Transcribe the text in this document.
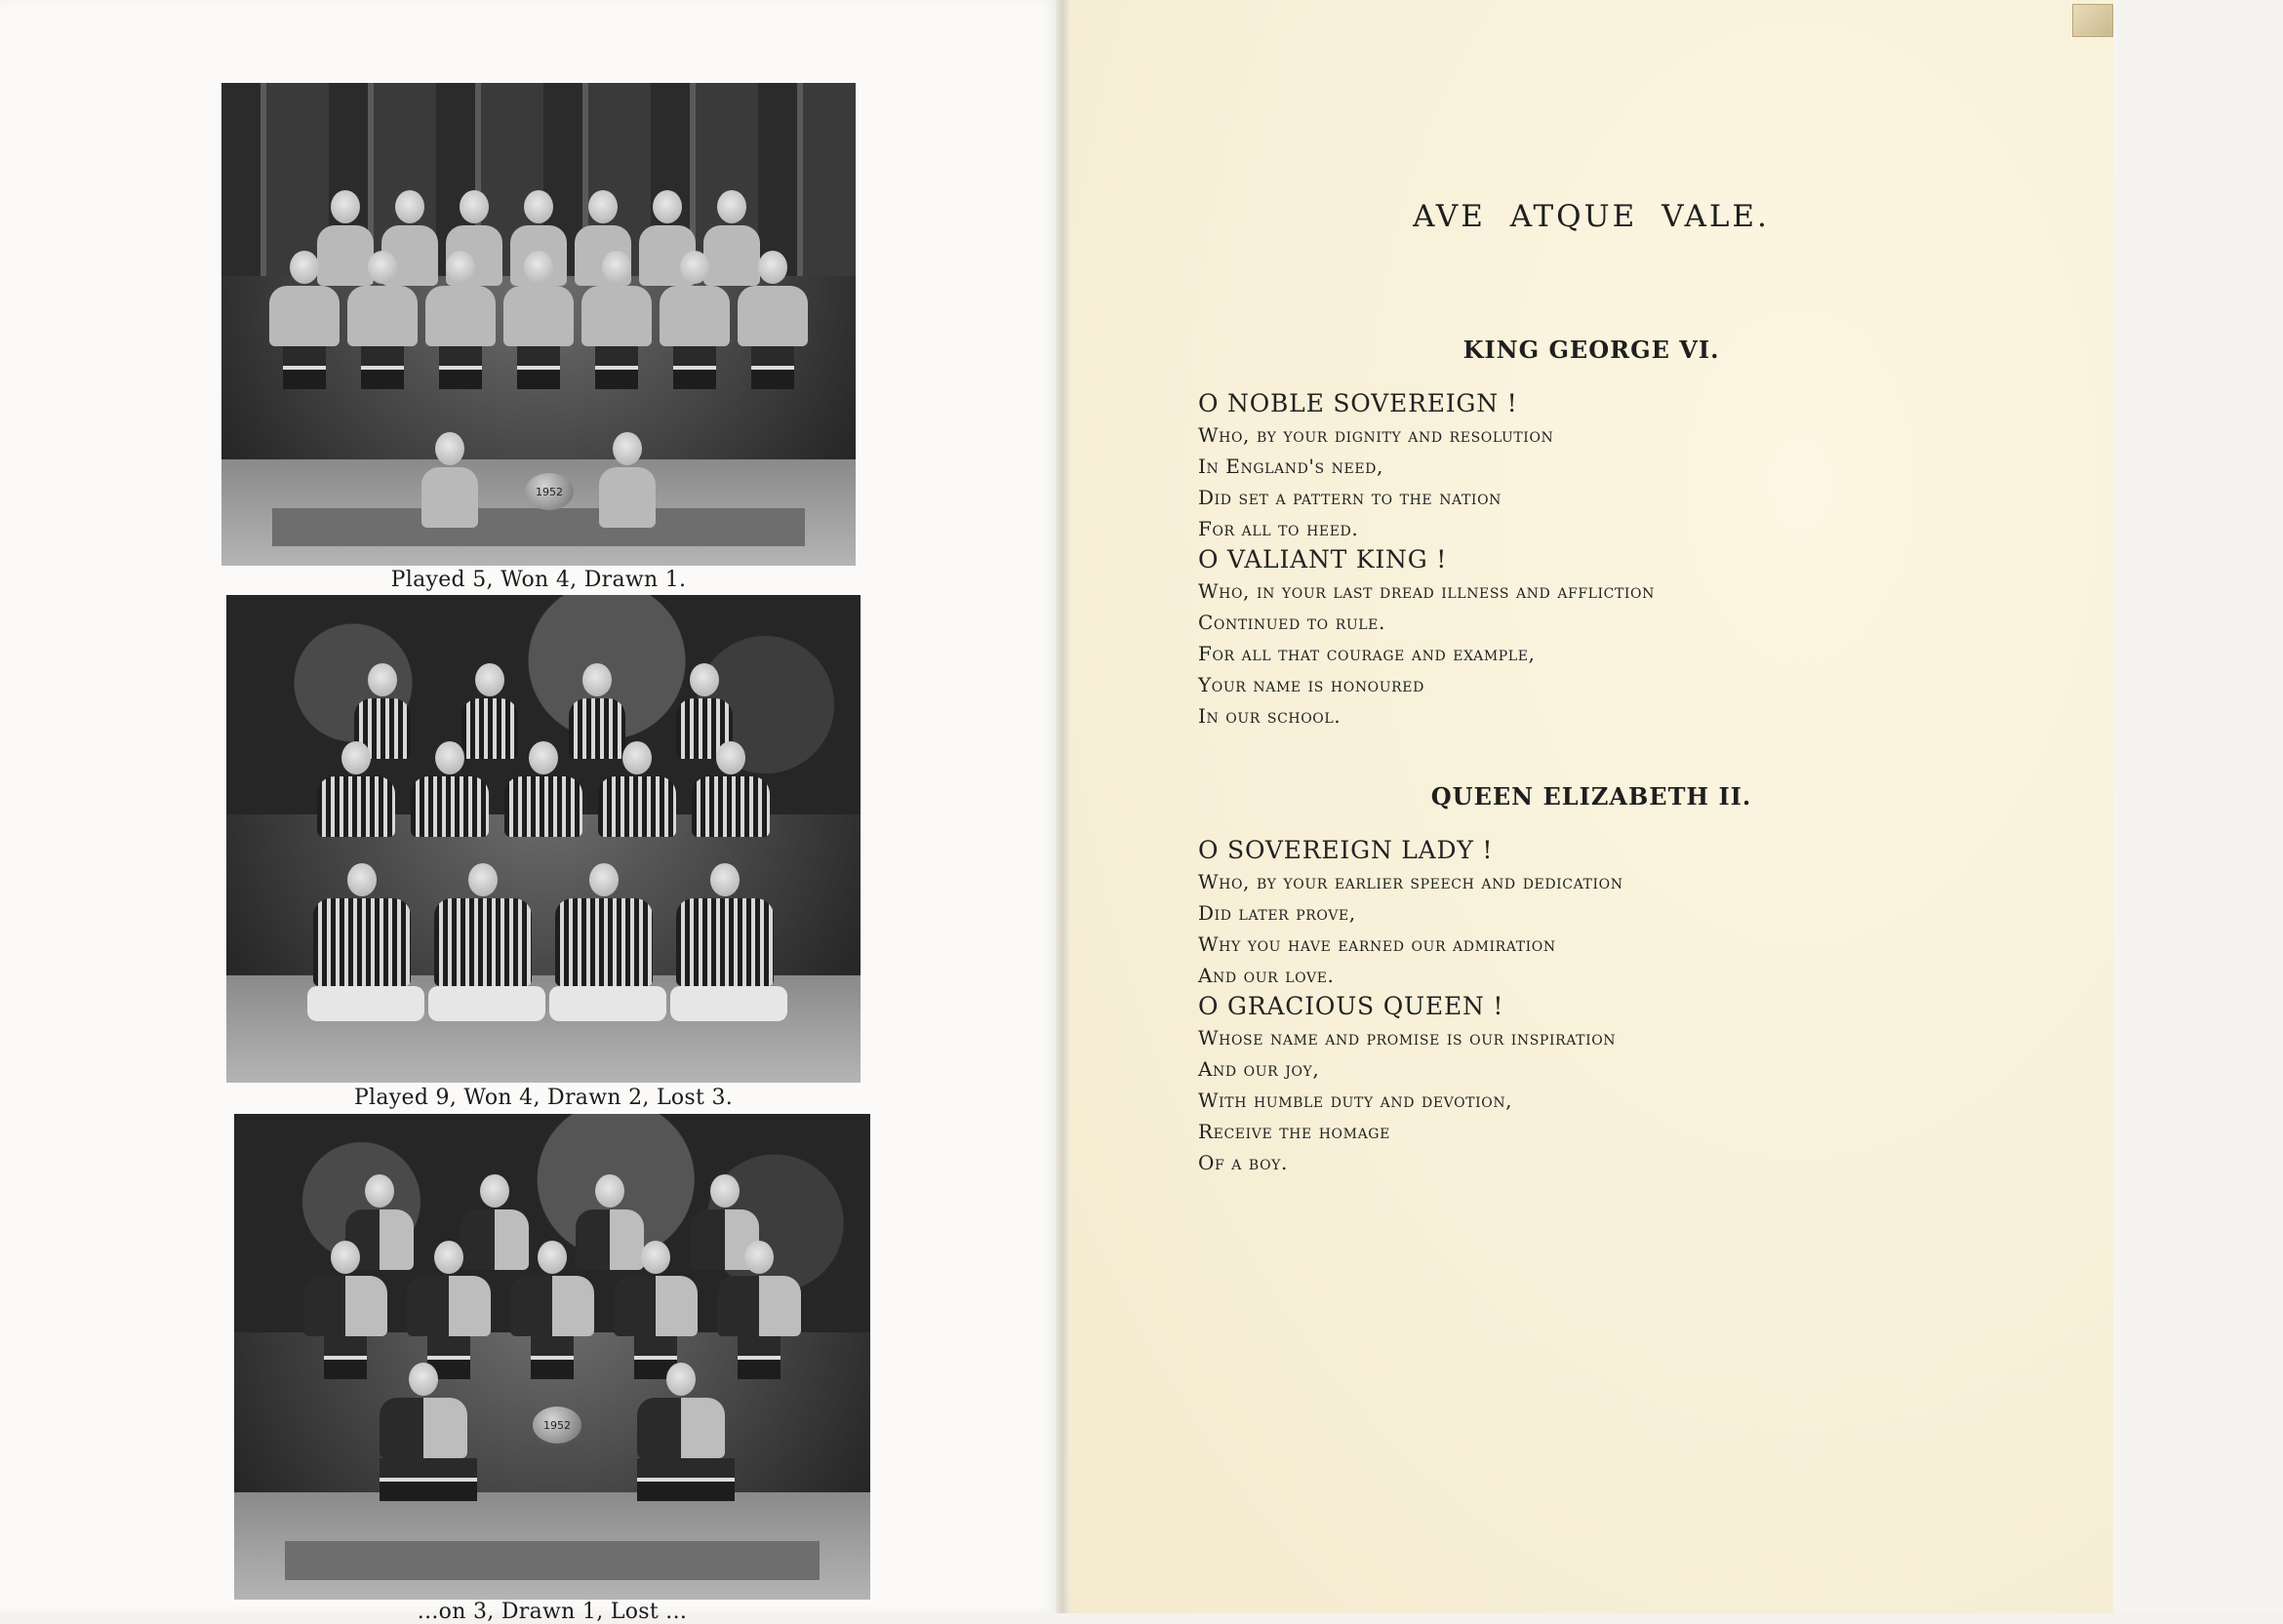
1952
Played 5, Won 4, Drawn 1.
Played 9, Won 4, Drawn 2, Lost 3.
1952
...on 3, Drawn 1, Lost ...
AVE ATQUE VALE.
KING GEORGE VI.
O NOBLE SOVEREIGN !
Who, by your dignity and resolution
In England's need,
Did set a pattern to the nation
For all to heed.
O VALIANT KING !
Who, in your last dread illness and affliction
Continued to rule.
For all that courage and example,
Your name is honoured
In our school.
QUEEN ELIZABETH II.
O SOVEREIGN LADY !
Who, by your earlier speech and dedication
Did later prove,
Why you have earned our admiration
And our love.
O GRACIOUS QUEEN !
Whose name and promise is our inspiration
And our joy,
With humble duty and devotion,
Receive the homage
Of a boy.
